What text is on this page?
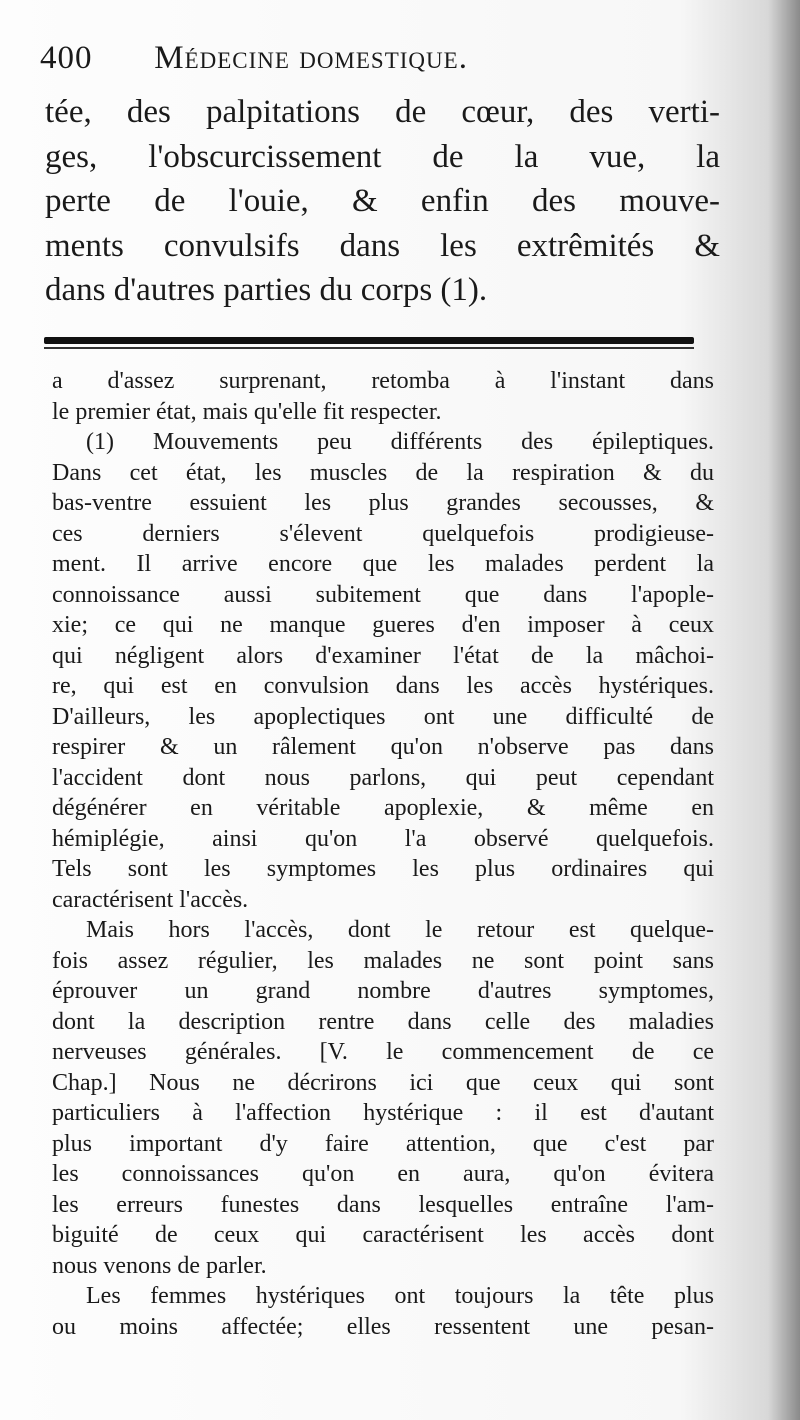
400 Médecine domestique.
tée, des palpitations de cœur, des verti-
ges, l'obscurcissement de la vue, la
perte de l'ouie, & enfin des mouve-
ments convulsifs dans les extrêmités &
dans d'autres parties du corps (1).
a d'assez surprenant, retomba à l'instant dans
le premier état, mais qu'elle fit respecter.
(1) Mouvements peu différents des épileptiques.
Dans cet état, les muscles de la respiration & du
bas-ventre essuient les plus grandes secousses, &
ces derniers s'élevent quelquefois prodigieuse-
ment. Il arrive encore que les malades perdent la
connoissance aussi subitement que dans l'apople-
xie; ce qui ne manque gueres d'en imposer à ceux
qui négligent alors d'examiner l'état de la mâchoi-
re, qui est en convulsion dans les accès hystériques.
D'ailleurs, les apoplectiques ont une difficulté de
respirer & un râlement qu'on n'observe pas dans
l'accident dont nous parlons, qui peut cependant
dégénérer en véritable apoplexie, & même en
hémiplégie, ainsi qu'on l'a observé quelquefois.
Tels sont les symptomes les plus ordinaires qui
caractérisent l'accès.
Mais hors l'accès, dont le retour est quelque-
fois assez régulier, les malades ne sont point sans
éprouver un grand nombre d'autres symptomes,
dont la description rentre dans celle des maladies
nerveuses générales. [V. le commencement de ce
Chap.] Nous ne décrirons ici que ceux qui sont
particuliers à l'affection hystérique : il est d'autant
plus important d'y faire attention, que c'est par
les connoissances qu'on en aura, qu'on évitera
les erreurs funestes dans lesquelles entraîne l'am-
biguité de ceux qui caractérisent les accès dont
nous venons de parler.
Les femmes hystériques ont toujours la tête plus
ou moins affectée; elles ressentent une pesan-
